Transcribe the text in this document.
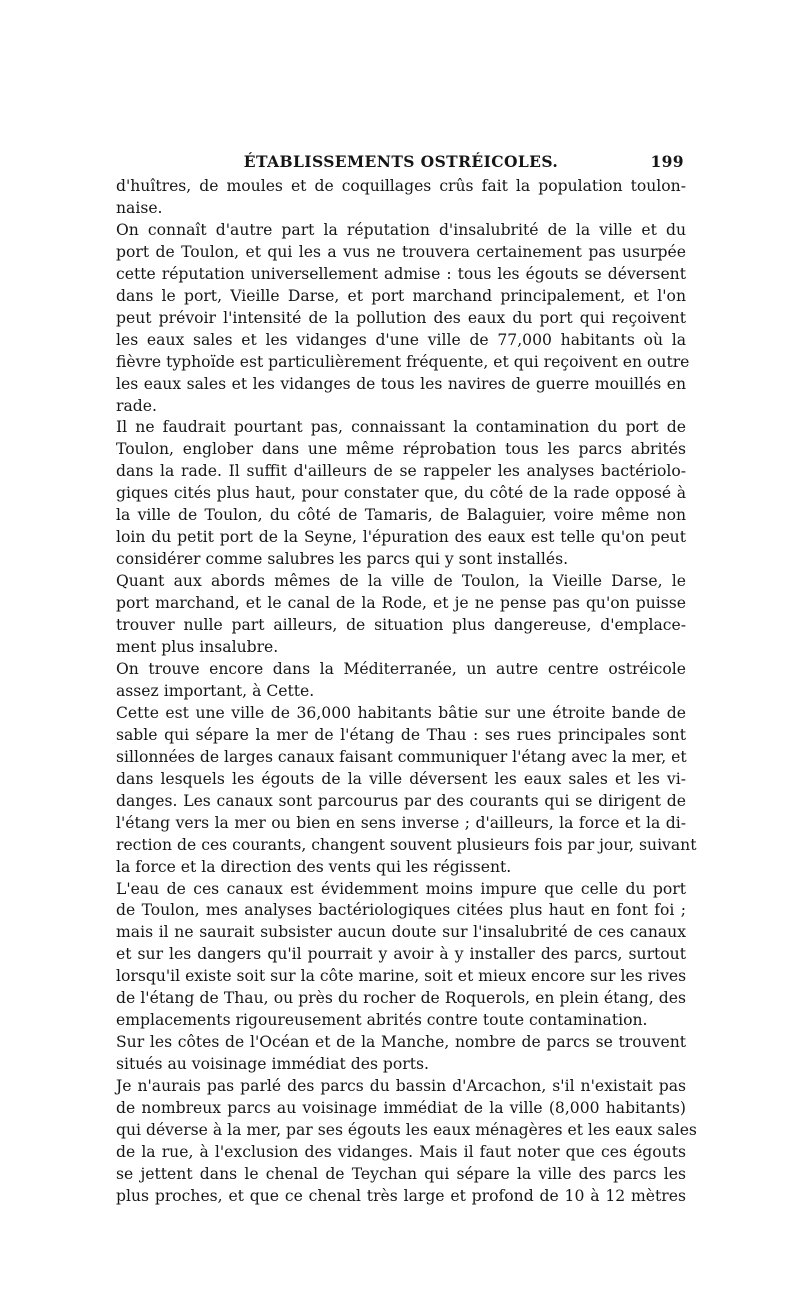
ÉTABLISSEMENTS OSTRÉICOLES.	199

d'huîtres, de moules et de coquillages crûs fait la population toulon-
naise.

On connaît d'autre part la réputation d'insalubrité de la ville et du
port de Toulon, et qui les a vus ne trouvera certainement pas usurpée
cette réputation universellement admise : tous les égouts se déversent
dans le port, Vieille Darse, et port marchand principalement, et l'on
peut prévoir l'intensité de la pollution des eaux du port qui reçoivent
les eaux sales et les vidanges d'une ville de 77,000 habitants où la
fièvre typhoïde est particulièrement fréquente, et qui reçoivent en outre
les eaux sales et les vidanges de tous les navires de guerre mouillés en
rade.

Il ne faudrait pourtant pas, connaissant la contamination du port de
Toulon, englober dans une même réprobation tous les parcs abrités
dans la rade. Il suffit d'ailleurs de se rappeler les analyses bactériolo-
giques cités plus haut, pour constater que, du côté de la rade opposé à
la ville de Toulon, du côté de Tamaris, de Balaguier, voire même non
loin du petit port de la Seyne, l'épuration des eaux est telle qu'on peut
considérer comme salubres les parcs qui y sont installés.

Quant aux abords mêmes de la ville de Toulon, la Vieille Darse, le
port marchand, et le canal de la Rode, et je ne pense pas qu'on puisse
trouver nulle part ailleurs, de situation plus dangereuse, d'emplace-
ment plus insalubre.

On trouve encore dans la Méditerranée, un autre centre ostréicole
assez important, à Cette.

Cette est une ville de 36,000 habitants bâtie sur une étroite bande de
sable qui sépare la mer de l'étang de Thau : ses rues principales sont
sillonnées de larges canaux faisant communiquer l'étang avec la mer, et
dans lesquels les égouts de la ville déversent les eaux sales et les vi-
danges. Les canaux sont parcourus par des courants qui se dirigent de
l'étang vers la mer ou bien en sens inverse ; d'ailleurs, la force et la di-
rection de ces courants, changent souvent plusieurs fois par jour, suivant
la force et la direction des vents qui les régissent.

L'eau de ces canaux est évidemment moins impure que celle du port
de Toulon, mes analyses bactériologiques citées plus haut en font foi ;
mais il ne saurait subsister aucun doute sur l'insalubrité de ces canaux
et sur les dangers qu'il pourrait y avoir à y installer des parcs, surtout
lorsqu'il existe soit sur la côte marine, soit et mieux encore sur les rives
de l'étang de Thau, ou près du rocher de Roquerols, en plein étang, des
emplacements rigoureusement abrités contre toute contamination.

Sur les côtes de l'Océan et de la Manche, nombre de parcs se trouvent
situés au voisinage immédiat des ports.

Je n'aurais pas parlé des parcs du bassin d'Arcachon, s'il n'existait pas
de nombreux parcs au voisinage immédiat de la ville (8,000 habitants)
qui déverse à la mer, par ses égouts les eaux ménagères et les eaux sales
de la rue, à l'exclusion des vidanges. Mais il faut noter que ces égouts
se jettent dans le chenal de Teychan qui sépare la ville des parcs les
plus proches, et que ce chenal très large et profond de 10 à 12 mètres
